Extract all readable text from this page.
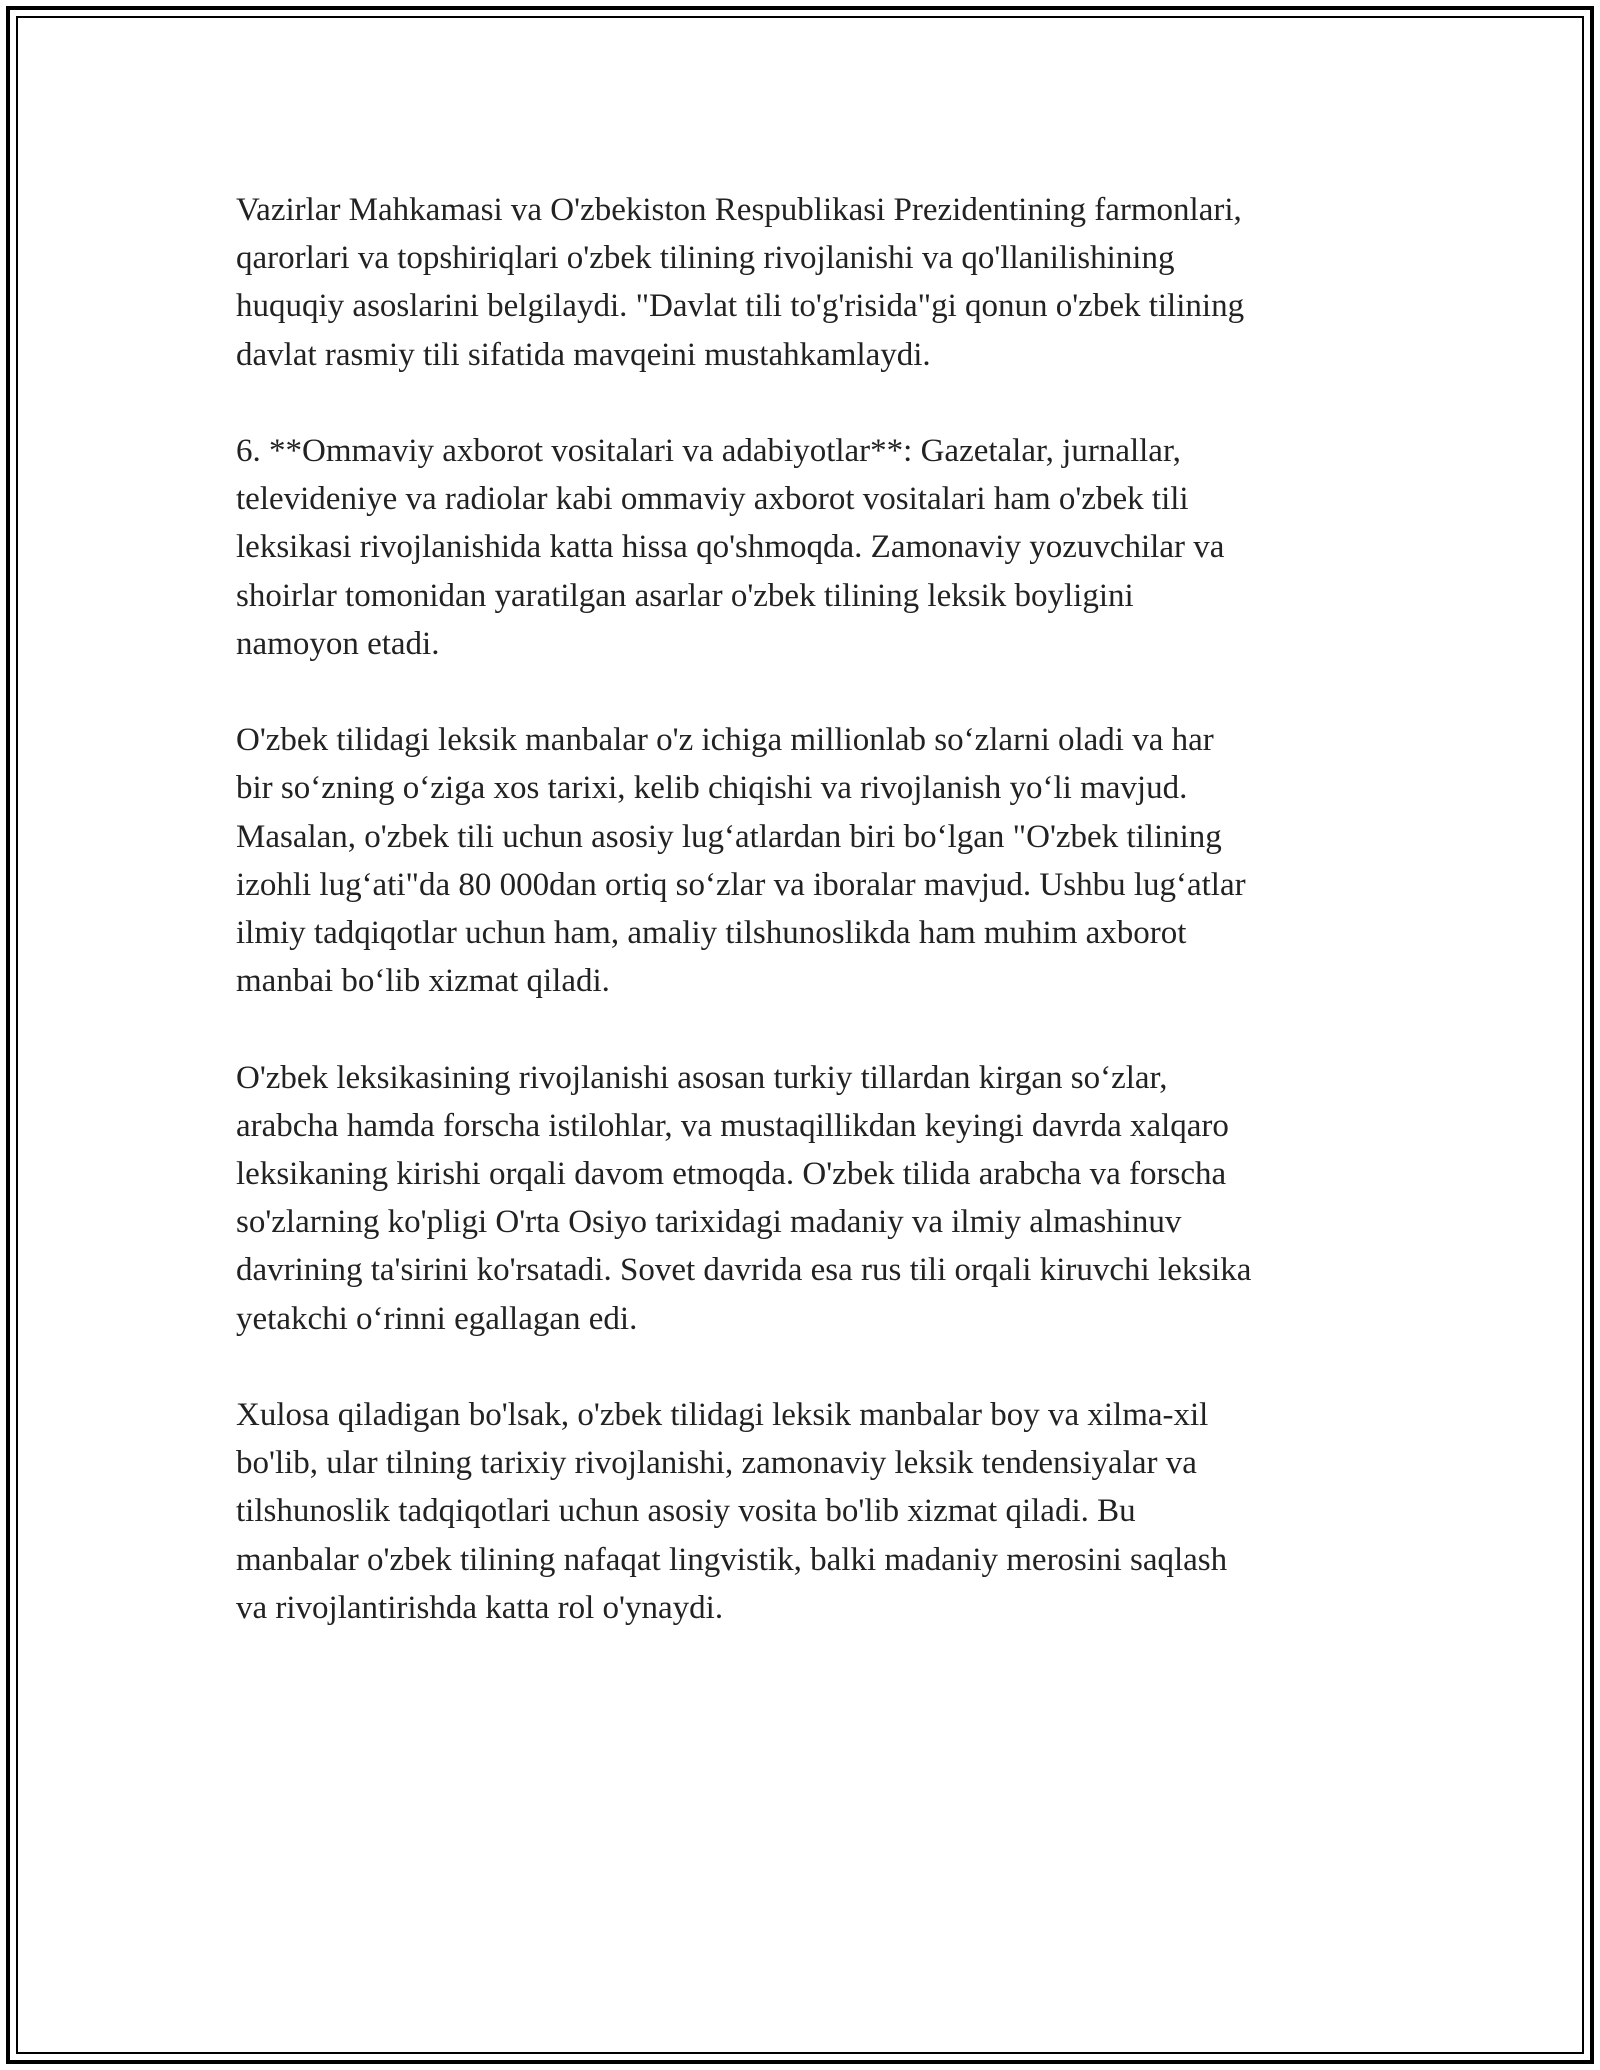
Vazirlar Mahkamasi va O'zbekiston Respublikasi Prezidentining farmonlari,
qarorlari va topshiriqlari o'zbek tilining rivojlanishi va qo'llanilishining
huquqiy asoslarini belgilaydi. "Davlat tili to'g'risida"gi qonun o'zbek tilining
davlat rasmiy tili sifatida mavqeini mustahkamlaydi.

6. **Ommaviy axborot vositalari va adabiyotlar**: Gazetalar, jurnallar,
televideniye va radiolar kabi ommaviy axborot vositalari ham o'zbek tili
leksikasi rivojlanishida katta hissa qo'shmoqda. Zamonaviy yozuvchilar va
shoirlar tomonidan yaratilgan asarlar o'zbek tilining leksik boyligini
namoyon etadi.

O'zbek tilidagi leksik manbalar o'z ichiga millionlab so‘zlarni oladi va har
bir so‘zning o‘ziga xos tarixi, kelib chiqishi va rivojlanish yo‘li mavjud.
Masalan, o'zbek tili uchun asosiy lug‘atlardan biri bo‘lgan "O'zbek tilining
izohli lug‘ati"da 80 000dan ortiq so‘zlar va iboralar mavjud. Ushbu lug‘atlar
ilmiy tadqiqotlar uchun ham, amaliy tilshunoslikda ham muhim axborot
manbai bo‘lib xizmat qiladi.

O'zbek leksikasining rivojlanishi asosan turkiy tillardan kirgan so‘zlar,
arabcha hamda forscha istilohlar, va mustaqillikdan keyingi davrda xalqaro
leksikaning kirishi orqali davom etmoqda. O'zbek tilida arabcha va forscha
so'zlarning ko'pligi O'rta Osiyo tarixidagi madaniy va ilmiy almashinuv
davrining ta'sirini ko'rsatadi. Sovet davrida esa rus tili orqali kiruvchi leksika
yetakchi o‘rinni egallagan edi.

Xulosa qiladigan bo'lsak, o'zbek tilidagi leksik manbalar boy va xilma-xil
bo'lib, ular tilning tarixiy rivojlanishi, zamonaviy leksik tendensiyalar va
tilshunoslik tadqiqotlari uchun asosiy vosita bo'lib xizmat qiladi. Bu
manbalar o'zbek tilining nafaqat lingvistik, balki madaniy merosini saqlash
va rivojlantirishda katta rol o'ynaydi.
